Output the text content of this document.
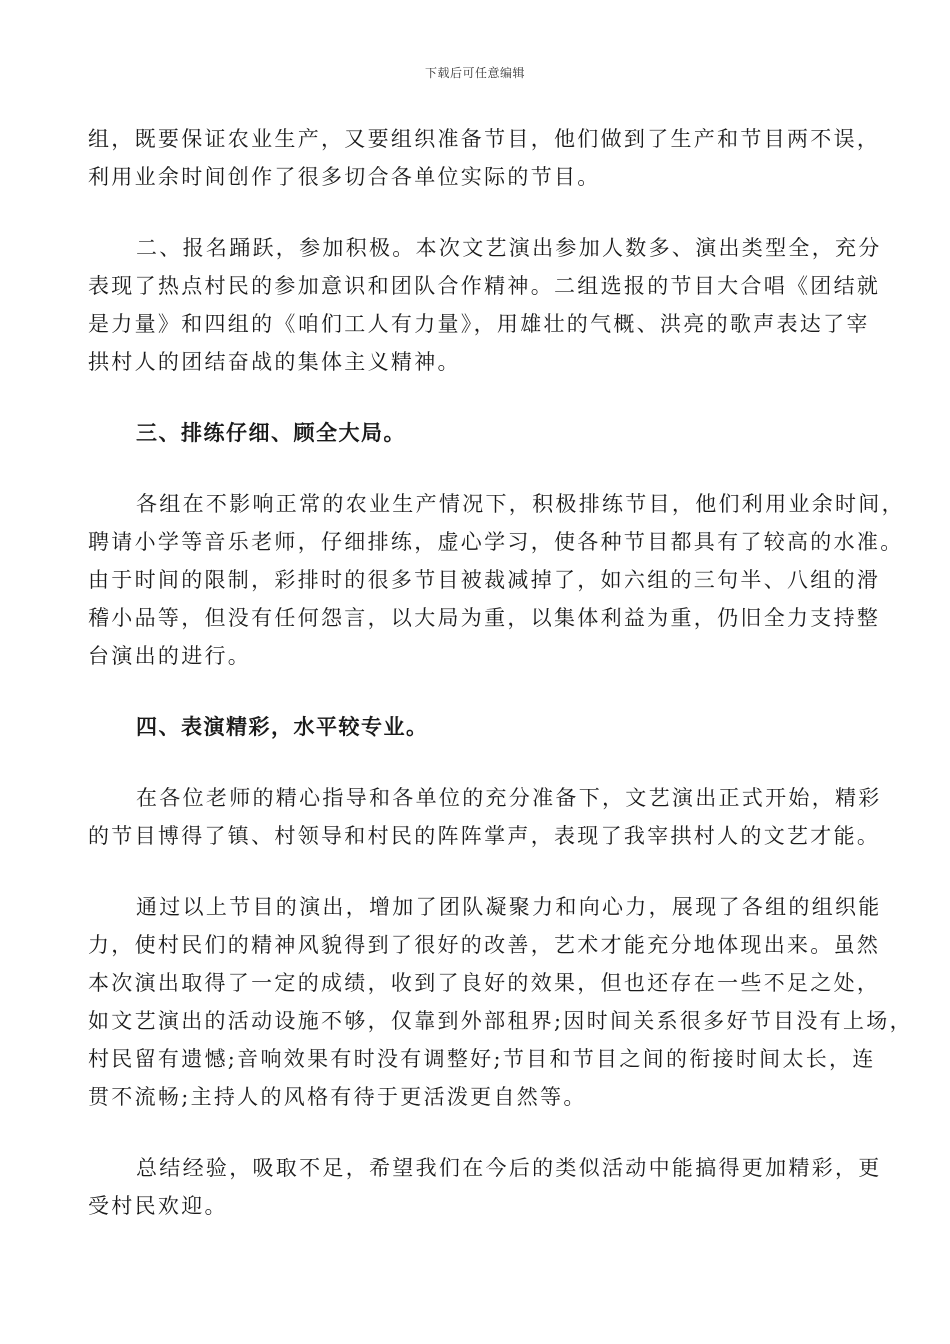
下载后可任意编辑
组，既要保证农业生产，又要组织准备节目，他们做到了生产和节目两不误，
利用业余时间创作了很多切合各单位实际的节目。
二、报名踊跃，参加积极。本次文艺演出参加人数多、演出类型全，充分
表现了热点村民的参加意识和团队合作精神。二组选报的节目大合唱《团结就
是力量》和四组的《咱们工人有力量》，用雄壮的气概、洪亮的歌声表达了宰
拱村人的团结奋战的集体主义精神。
三、排练仔细、顾全大局。
各组在不影响正常的农业生产情况下，积极排练节目，他们利用业余时间，
聘请小学等音乐老师，仔细排练，虚心学习，使各种节目都具有了较高的水准。
由于时间的限制，彩排时的很多节目被裁减掉了，如六组的三句半、八组的滑
稽小品等，但没有任何怨言，以大局为重，以集体利益为重，仍旧全力支持整
台演出的进行。
四、表演精彩，水平较专业。
在各位老师的精心指导和各单位的充分准备下，文艺演出正式开始，精彩
的节目博得了镇、村领导和村民的阵阵掌声，表现了我宰拱村人的文艺才能。
通过以上节目的演出，增加了团队凝聚力和向心力，展现了各组的组织能
力，使村民们的精神风貌得到了很好的改善，艺术才能充分地体现出来。虽然
本次演出取得了一定的成绩，收到了良好的效果，但也还存在一些不足之处，
如文艺演出的活动设施不够，仅靠到外部租界;因时间关系很多好节目没有上场，
村民留有遗憾;音响效果有时没有调整好;节目和节目之间的衔接时间太长，连
贯不流畅;主持人的风格有待于更活泼更自然等。
总结经验，吸取不足，希望我们在今后的类似活动中能搞得更加精彩，更
受村民欢迎。
